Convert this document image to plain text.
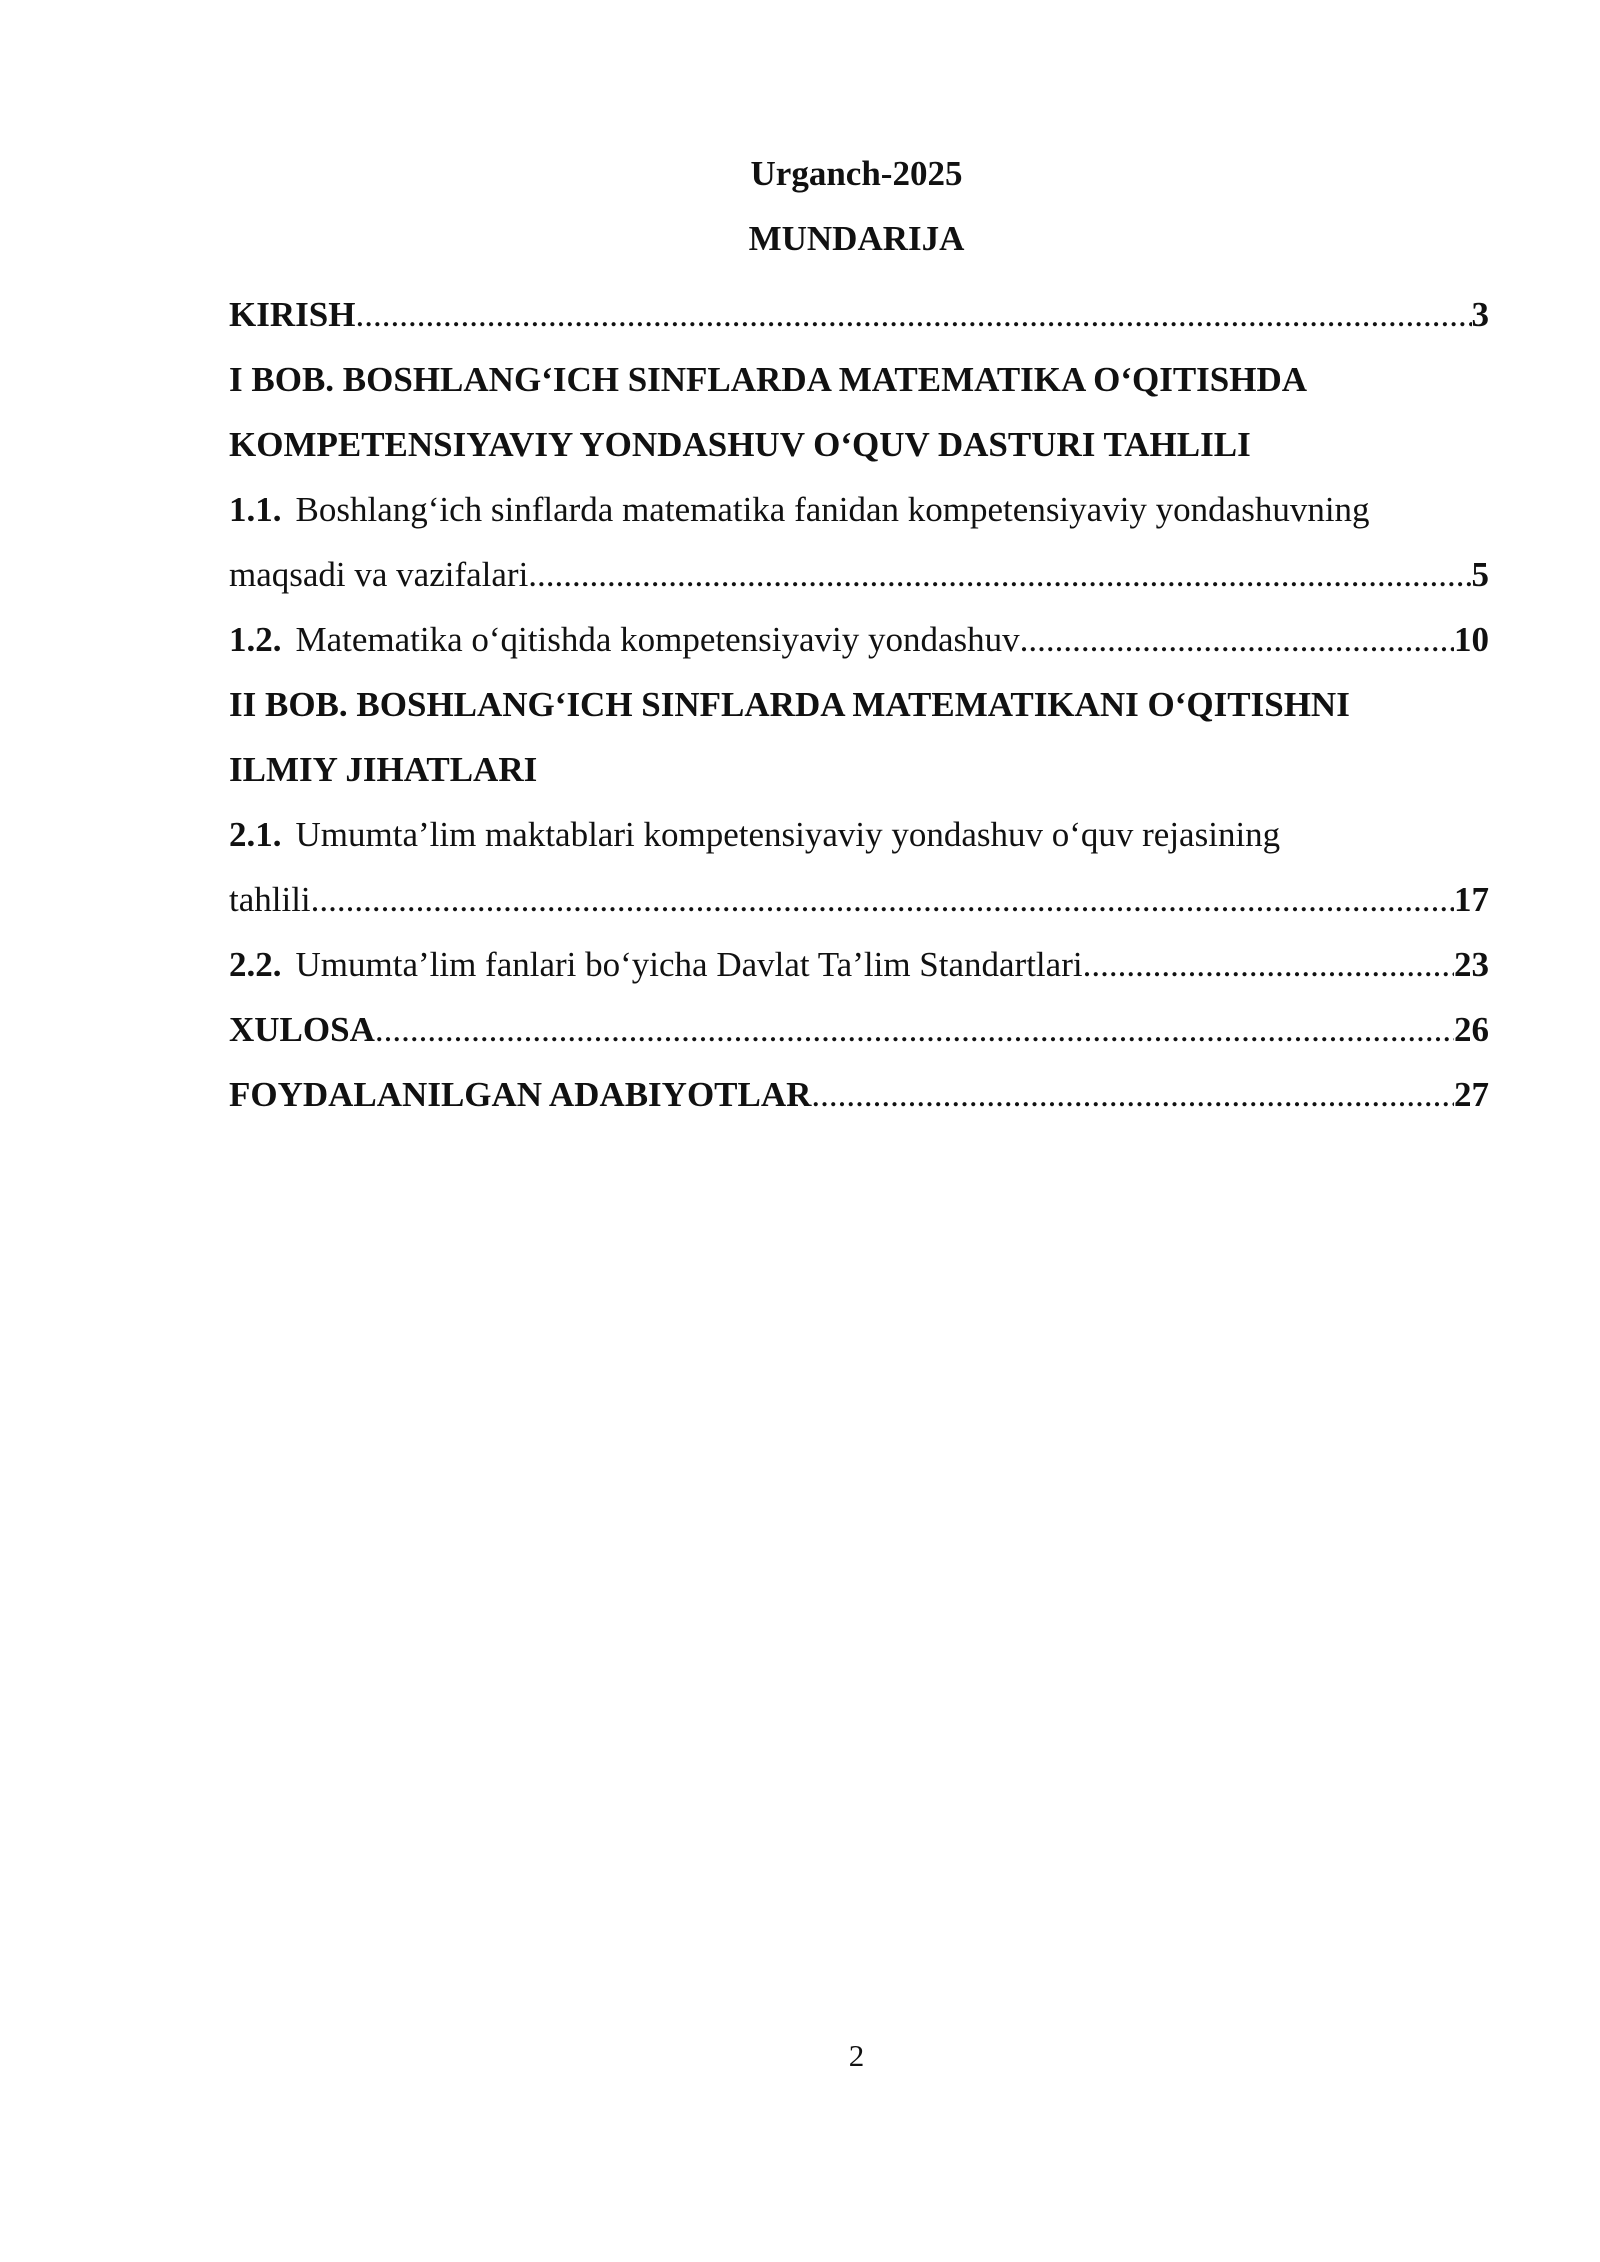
Urganch-2025
MUNDARIJA
KIRISH .....	3
I BOB. BOSHLANG‘ICH SINFLARDA MATEMATIKA O‘QITISHDA
KOMPETENSIYAVIY YONDASHUV O‘QUV DASTURI TAHLILI
1.1. Boshlang‘ich sinflarda matematika fanidan kompetensiyaviy yondashuvning
maqsadi va vazifalari .....	5
1.2. Matematika o‘qitishda kompetensiyaviy yondashuv .....	10
II BOB. BOSHLANG‘ICH SINFLARDA MATEMATIKANI O‘QITISHNI
ILMIY JIHATLARI
2.1. Umumta’lim maktablari kompetensiyaviy yondashuv o‘quv rejasining
tahlili .....	17
2.2. Umumta’lim fanlari bo‘yicha Davlat Ta’lim Standartlari .....	23
XULOSA .....	26
FOYDALANILGAN ADABIYOTLAR .....	27
2
